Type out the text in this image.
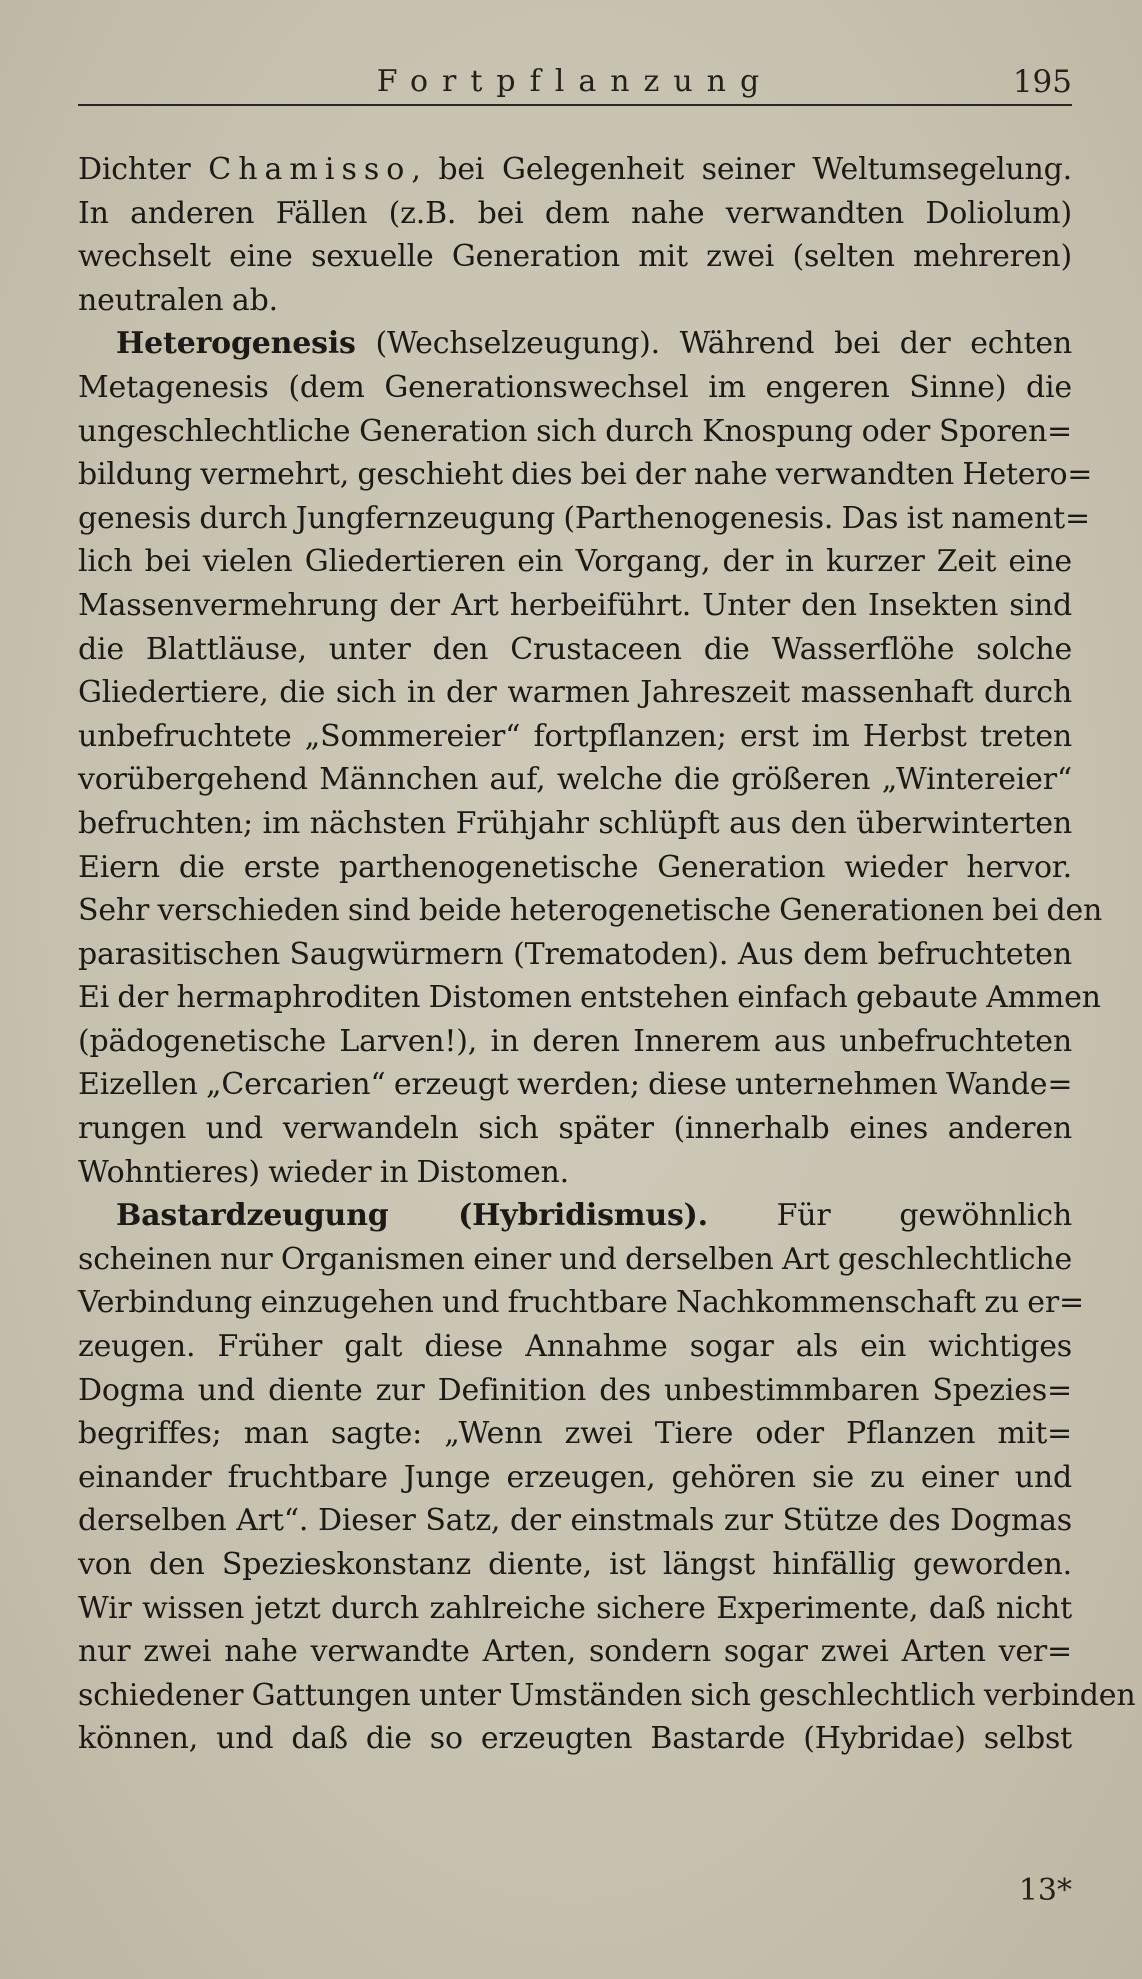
Fortpflanzung	195
Dichter Chamisso, bei Gelegenheit seiner Weltumsegelung.
In anderen Fällen (z.B. bei dem nahe verwandten Doliolum)
wechselt eine sexuelle Generation mit zwei (selten mehreren)
neutralen ab.
Heterogenesis (Wechselzeugung). Während bei der echten
Metagenesis (dem Generationswechsel im engeren Sinne) die
ungeschlechtliche Generation sich durch Knospung oder Sporen=
bildung vermehrt, geschieht dies bei der nahe verwandten Hetero=
genesis durch Jungfernzeugung (Parthenogenesis. Das ist nament=
lich bei vielen Gliedertieren ein Vorgang, der in kurzer Zeit eine
Massenvermehrung der Art herbeiführt. Unter den Insekten sind
die Blattläuse, unter den Crustaceen die Wasserflöhe solche
Gliedertiere, die sich in der warmen Jahreszeit massenhaft durch
unbefruchtete „Sommereier“ fortpflanzen; erst im Herbst treten
vorübergehend Männchen auf, welche die größeren „Wintereier“
befruchten; im nächsten Frühjahr schlüpft aus den überwinterten
Eiern die erste parthenogenetische Generation wieder hervor.
Sehr verschieden sind beide heterogenetische Generationen bei den
parasitischen Saugwürmern (Trematoden). Aus dem befruchteten
Ei der hermaphroditen Distomen entstehen einfach gebaute Ammen
(pädogenetische Larven!), in deren Innerem aus unbefruchteten
Eizellen „Cercarien“ erzeugt werden; diese unternehmen Wande=
rungen und verwandeln sich später (innerhalb eines anderen
Wohntieres) wieder in Distomen.
Bastardzeugung (Hybridismus). Für gewöhnlich
scheinen nur Organismen einer und derselben Art geschlechtliche
Verbindung einzugehen und fruchtbare Nachkommenschaft zu er=
zeugen. Früher galt diese Annahme sogar als ein wichtiges
Dogma und diente zur Definition des unbestimmbaren Spezies=
begriffes; man sagte: „Wenn zwei Tiere oder Pflanzen mit=
einander fruchtbare Junge erzeugen, gehören sie zu einer und
derselben Art“. Dieser Satz, der einstmals zur Stütze des Dogmas
von den Spezieskonstanz diente, ist längst hinfällig geworden.
Wir wissen jetzt durch zahlreiche sichere Experimente, daß nicht
nur zwei nahe verwandte Arten, sondern sogar zwei Arten ver=
schiedener Gattungen unter Umständen sich geschlechtlich verbinden
können, und daß die so erzeugten Bastarde (Hybridae) selbst
13*
